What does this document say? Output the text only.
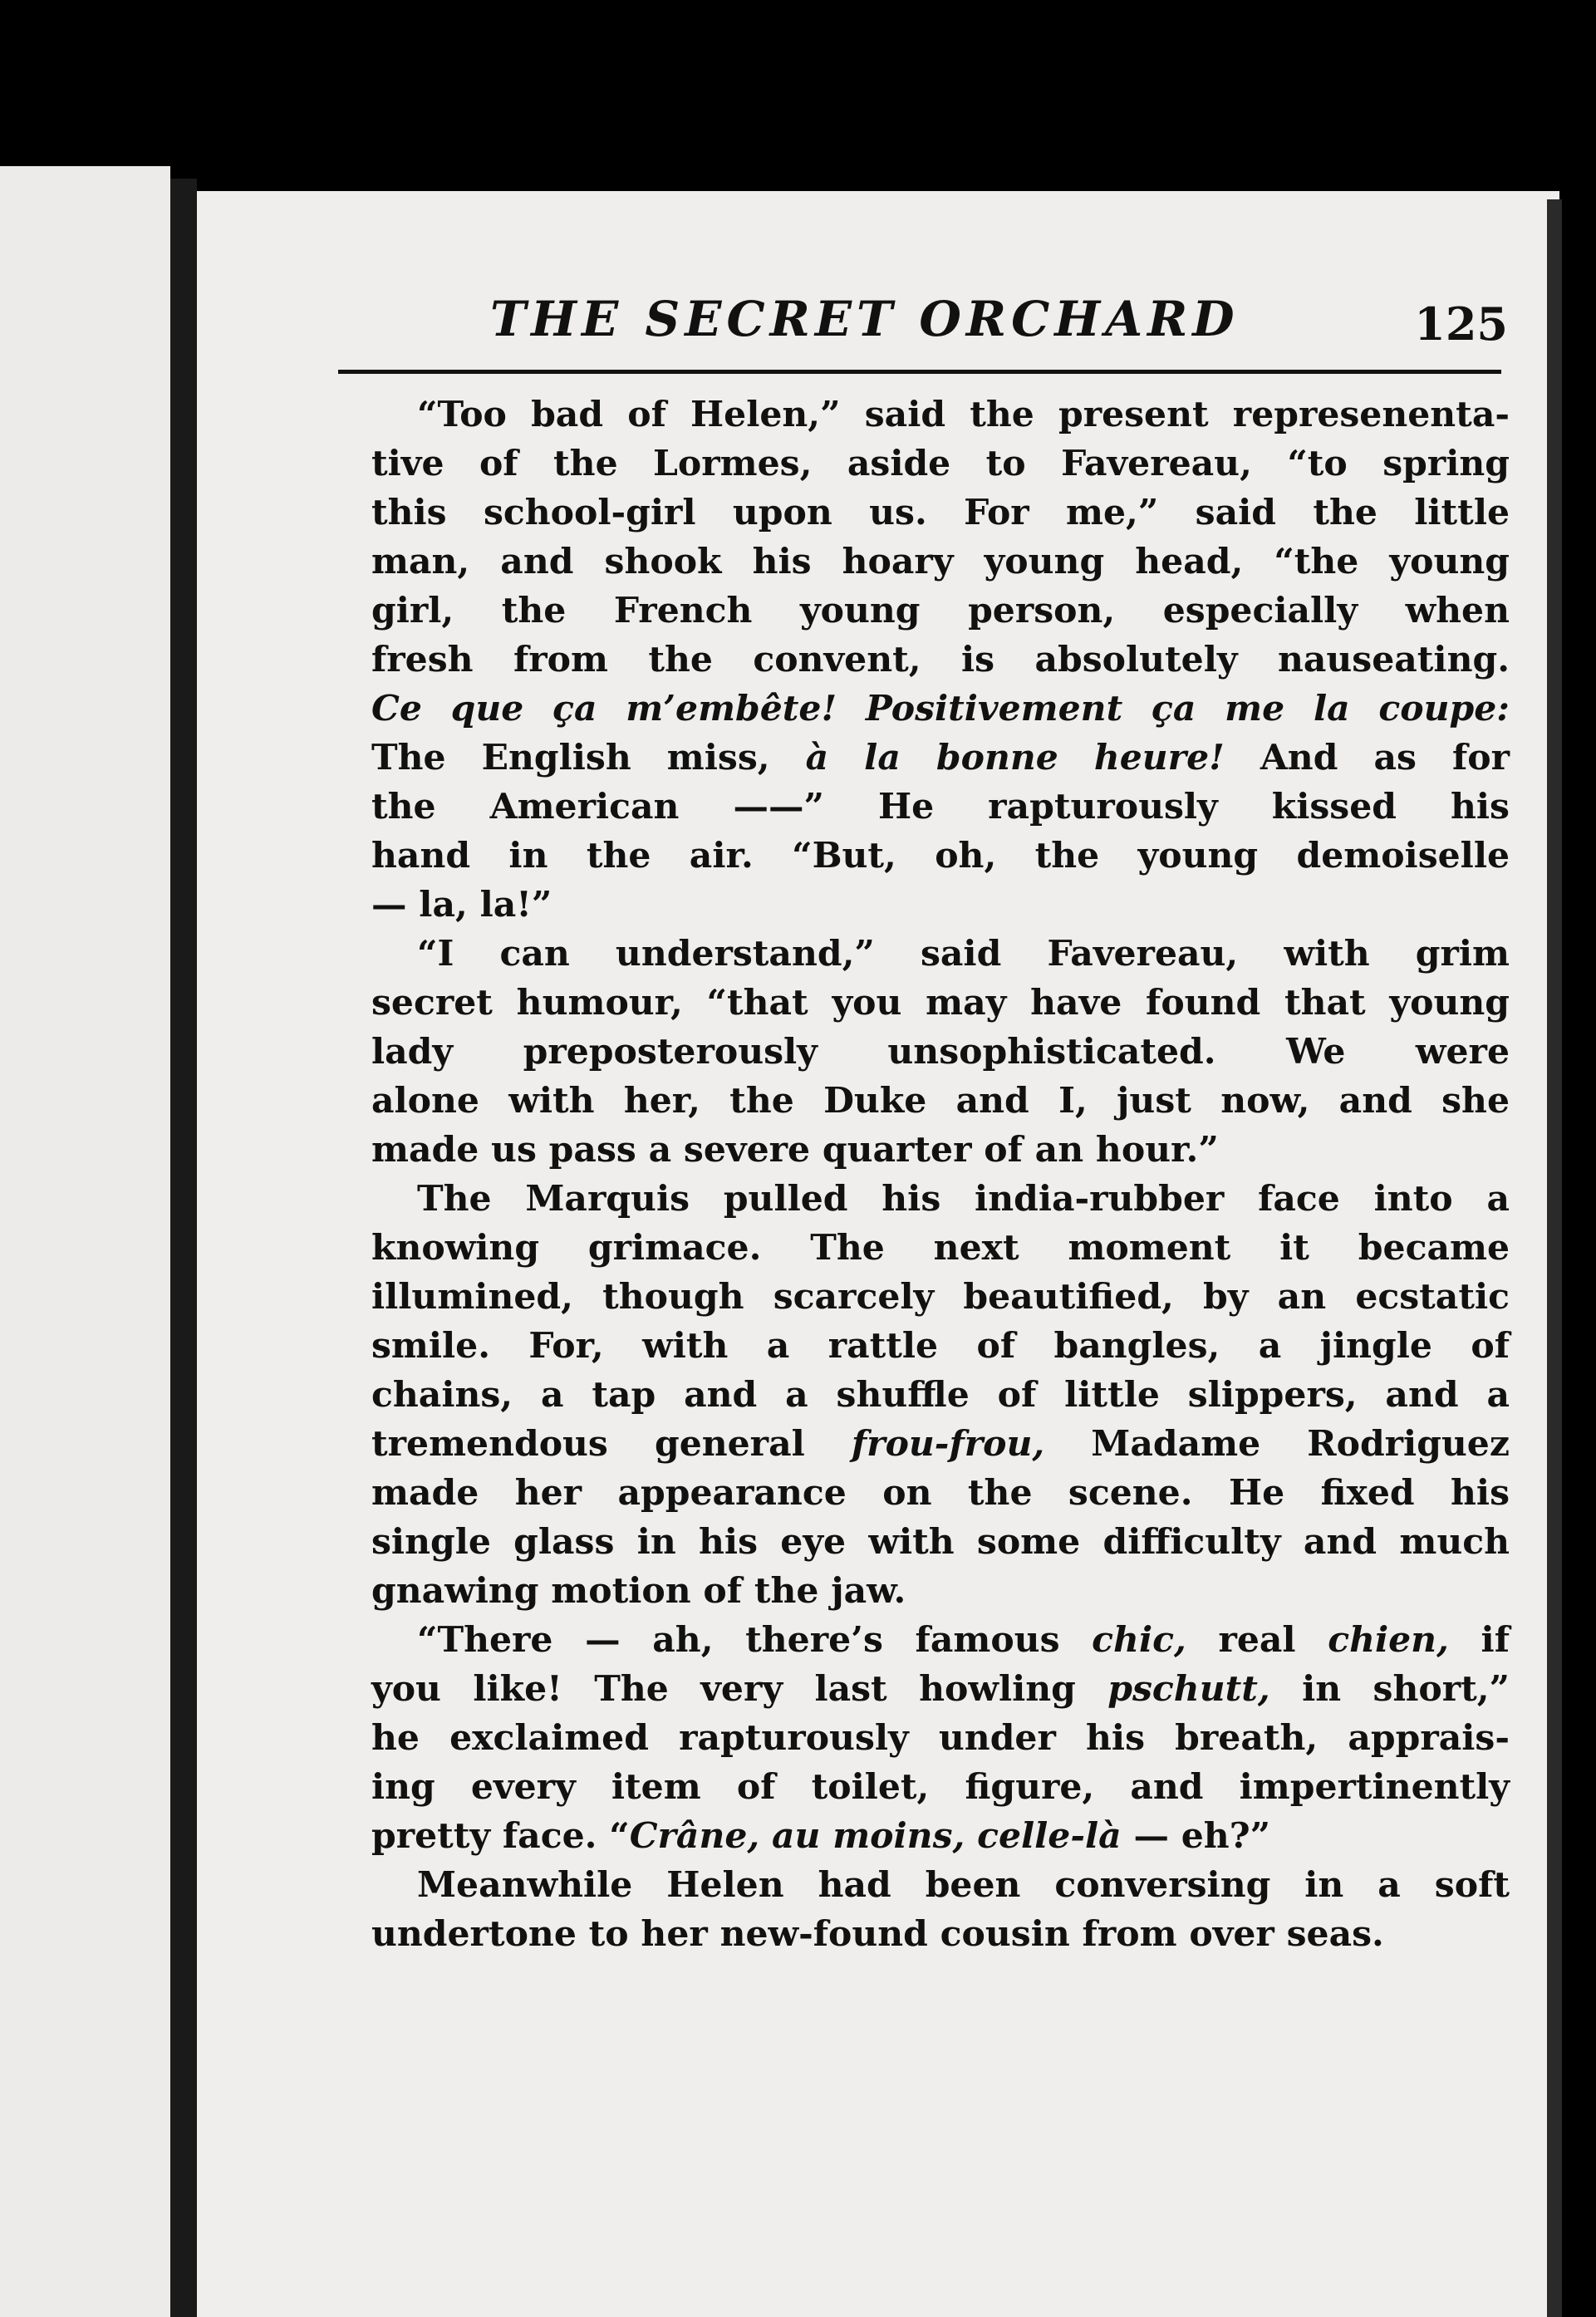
THE SECRET ORCHARD	125
“Too bad of Helen,” said the present represenenta-
tive of the Lormes, aside to Favereau, “to spring
this school-girl upon us. For me,” said the little
man, and shook his hoary young head, “the young
girl, the French young person, especially when
fresh from the convent, is absolutely nauseating.
Ce que ça m’embête! Positivement ça me la coupe:
The English miss, à la bonne heure! And as for
the American ——” He rapturously kissed his
hand in the air. “But, oh, the young demoiselle
— la, la!”
“I can understand,” said Favereau, with grim
secret humour, “that you may have found that young
lady preposterously unsophisticated. We were
alone with her, the Duke and I, just now, and she
made us pass a severe quarter of an hour.”
The Marquis pulled his india-rubber face into a
knowing grimace. The next moment it became
illumined, though scarcely beautified, by an ecstatic
smile. For, with a rattle of bangles, a jingle of
chains, a tap and a shuffle of little slippers, and a
tremendous general frou-frou, Madame Rodriguez
made her appearance on the scene. He fixed his
single glass in his eye with some difficulty and much
gnawing motion of the jaw.
“There — ah, there’s famous chic, real chien, if
you like! The very last howling pschutt, in short,”
he exclaimed rapturously under his breath, apprais-
ing every item of toilet, figure, and impertinently
pretty face. “Crâne, au moins, celle-là — eh?”
Meanwhile Helen had been conversing in a soft
undertone to her new-found cousin from over seas.
